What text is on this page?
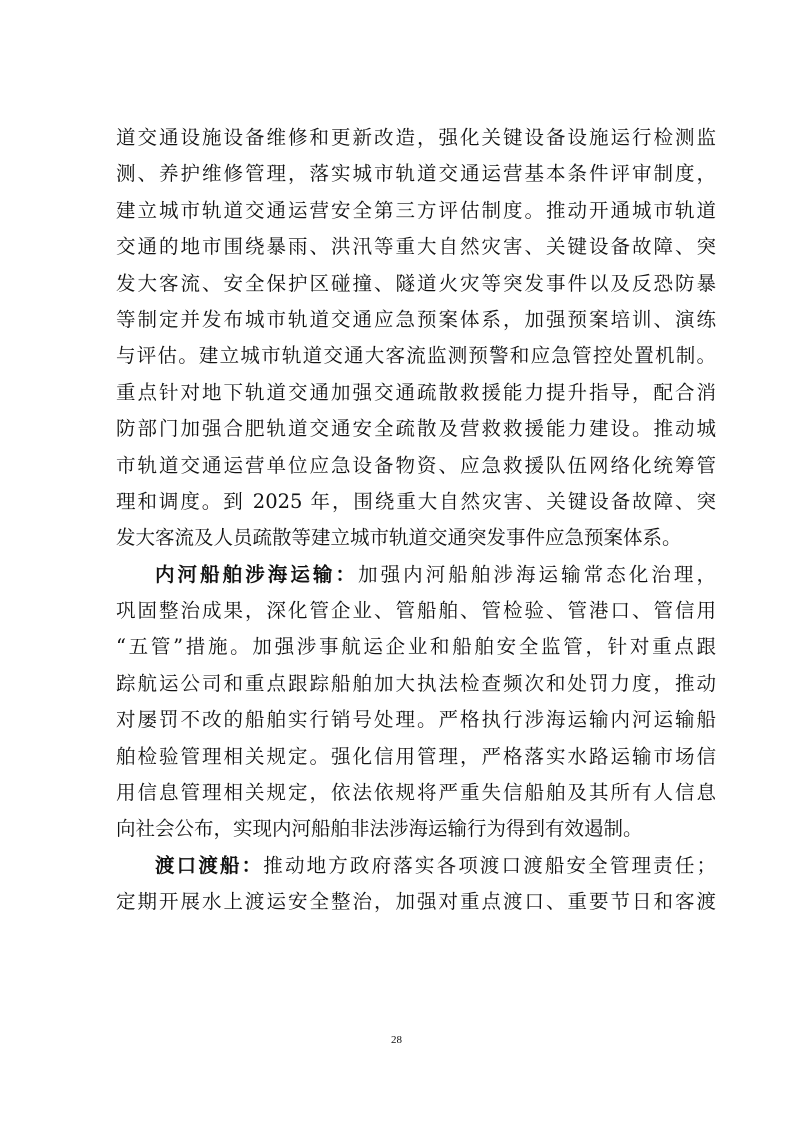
道交通设施设备维修和更新改造，强化关键设备设施运行检测监
测、养护维修管理，落实城市轨道交通运营基本条件评审制度，
建立城市轨道交通运营安全第三方评估制度。推动开通城市轨道
交通的地市围绕暴雨、洪汛等重大自然灾害、关键设备故障、突
发大客流、安全保护区碰撞、隧道火灾等突发事件以及反恐防暴
等制定并发布城市轨道交通应急预案体系，加强预案培训、演练
与评估。建立城市轨道交通大客流监测预警和应急管控处置机制。
重点针对地下轨道交通加强交通疏散救援能力提升指导，配合消
防部门加强合肥轨道交通安全疏散及营救救援能力建设。推动城
市轨道交通运营单位应急设备物资、应急救援队伍网络化统筹管
理和调度。到 2025 年，围绕重大自然灾害、关键设备故障、突
发大客流及人员疏散等建立城市轨道交通突发事件应急预案体系。
内河船舶涉海运输：加强内河船舶涉海运输常态化治理，
巩固整治成果，深化管企业、管船舶、管检验、管港口、管信用
“五管”措施。加强涉事航运企业和船舶安全监管，针对重点跟
踪航运公司和重点跟踪船舶加大执法检查频次和处罚力度，推动
对屡罚不改的船舶实行销号处理。严格执行涉海运输内河运输船
舶检验管理相关规定。强化信用管理，严格落实水路运输市场信
用信息管理相关规定，依法依规将严重失信船舶及其所有人信息
向社会公布，实现内河船舶非法涉海运输行为得到有效遏制。
渡口渡船：推动地方政府落实各项渡口渡船安全管理责任；
定期开展水上渡运安全整治，加强对重点渡口、重要节日和客渡
28
